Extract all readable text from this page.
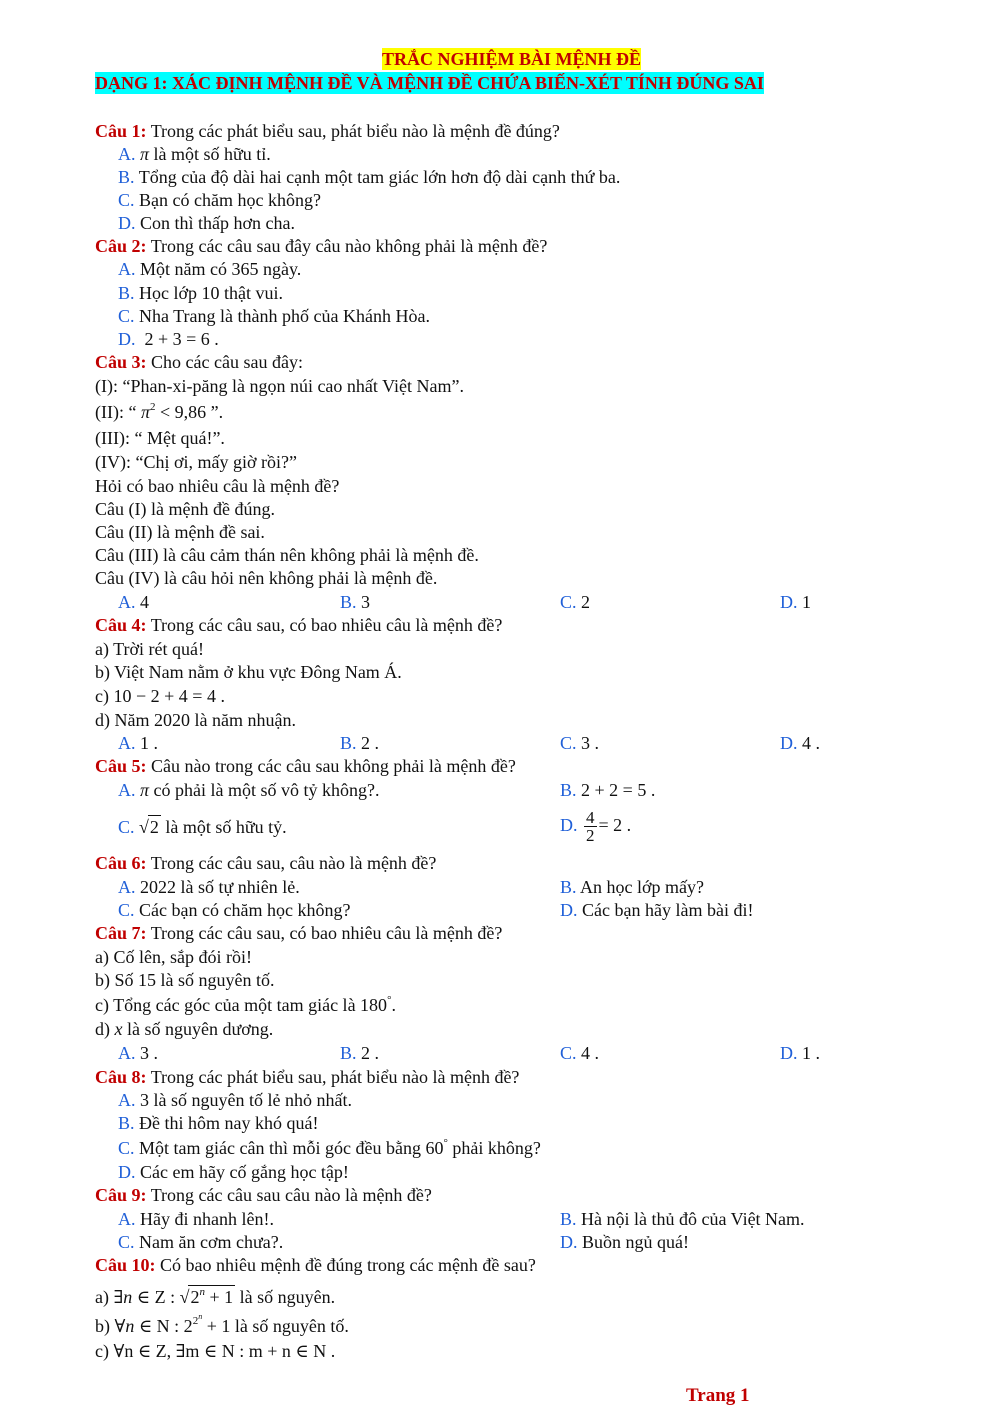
TRẮC NGHIỆM BÀI MỆNH ĐỀ
DẠNG 1: XÁC ĐỊNH MỆNH ĐỀ VÀ MỆNH ĐỀ CHỨA BIẾN-XÉT TÍNH ĐÚNG SAI
Câu 1: Trong các phát biểu sau, phát biểu nào là mệnh đề đúng?
A. π là một số hữu tỉ.
B. Tổng của độ dài hai cạnh một tam giác lớn hơn độ dài cạnh thứ ba.
C. Bạn có chăm học không?
D. Con thì thấp hơn cha.
Câu 2: Trong các câu sau đây câu nào không phải là mệnh đề?
A. Một năm có 365 ngày.
B. Học lớp 10 thật vui.
C. Nha Trang là thành phố của Khánh Hòa.
D. 2 + 3 = 6 .
Câu 3: Cho các câu sau đây:
(I): “Phan-xi-păng là ngọn núi cao nhất Việt Nam”.
(II): “ $\pi^2 < 9,86$ ”.
(III): “ Mệt quá!”.
(IV): “Chị ơi, mấy giờ rồi?”
Hỏi có bao nhiêu câu là mệnh đề?
Câu (I) là mệnh đề đúng.
Câu (II) là mệnh đề sai.
Câu (III) là câu cảm thán nên không phải là mệnh đề.
Câu (IV) là câu hỏi nên không phải là mệnh đề.
A. 4	B. 3	C. 2	D. 1
Câu 4: Trong các câu sau, có bao nhiêu câu là mệnh đề?
a) Trời rét quá!
b) Việt Nam nằm ở khu vực Đông Nam Á.
c) 10 − 2 + 4 = 4 .
d) Năm 2020 là năm nhuận.
A. 1 .	B. 2 .	C. 3 .	D. 4 .
Câu 5: Câu nào trong các câu sau không phải là mệnh đề?
A. π có phải là một số vô tỷ không?.	B. 2 + 2 = 5 .
C. √2 là một số hữu tỷ.	D. $\frac{4}{2} = 2$ .
Câu 6: Trong các câu sau, câu nào là mệnh đề?
A. 2022 là số tự nhiên lẻ.	B. An học lớp mấy?
C. Các bạn có chăm học không?	D. Các bạn hãy làm bài đi!
Câu 7: Trong các câu sau, có bao nhiêu câu là mệnh đề?
a) Cố lên, sắp đói rồi!
b) Số 15 là số nguyên tố.
c) Tổng các góc của một tam giác là 180°.
d) x là số nguyên dương.
A. 3 .	B. 2 .	C. 4 .	D. 1 .
Câu 8: Trong các phát biểu sau, phát biểu nào là mệnh đề?
A. 3 là số nguyên tố lẻ nhỏ nhất.
B. Đề thi hôm nay khó quá!
C. Một tam giác cân thì mỗi góc đều bằng 60° phải không?
D. Các em hãy cố gắng học tập!
Câu 9: Trong các câu sau câu nào là mệnh đề?
A. Hãy đi nhanh lên!.	B. Hà nội là thủ đô của Việt Nam.
C. Nam ăn cơm chưa?.	D. Buồn ngủ quá!
Câu 10: Có bao nhiêu mệnh đề đúng trong các mệnh đề sau?
a) ∃n ∈ Z : $√2^n + 1$ là số nguyên.
b) ∀n ∈ N : $2^{2^n} + 1$ là số nguyên tố.
c) ∀n ∈ Z, ∃m ∈ N : m + n ∈ N .
Trang 1
